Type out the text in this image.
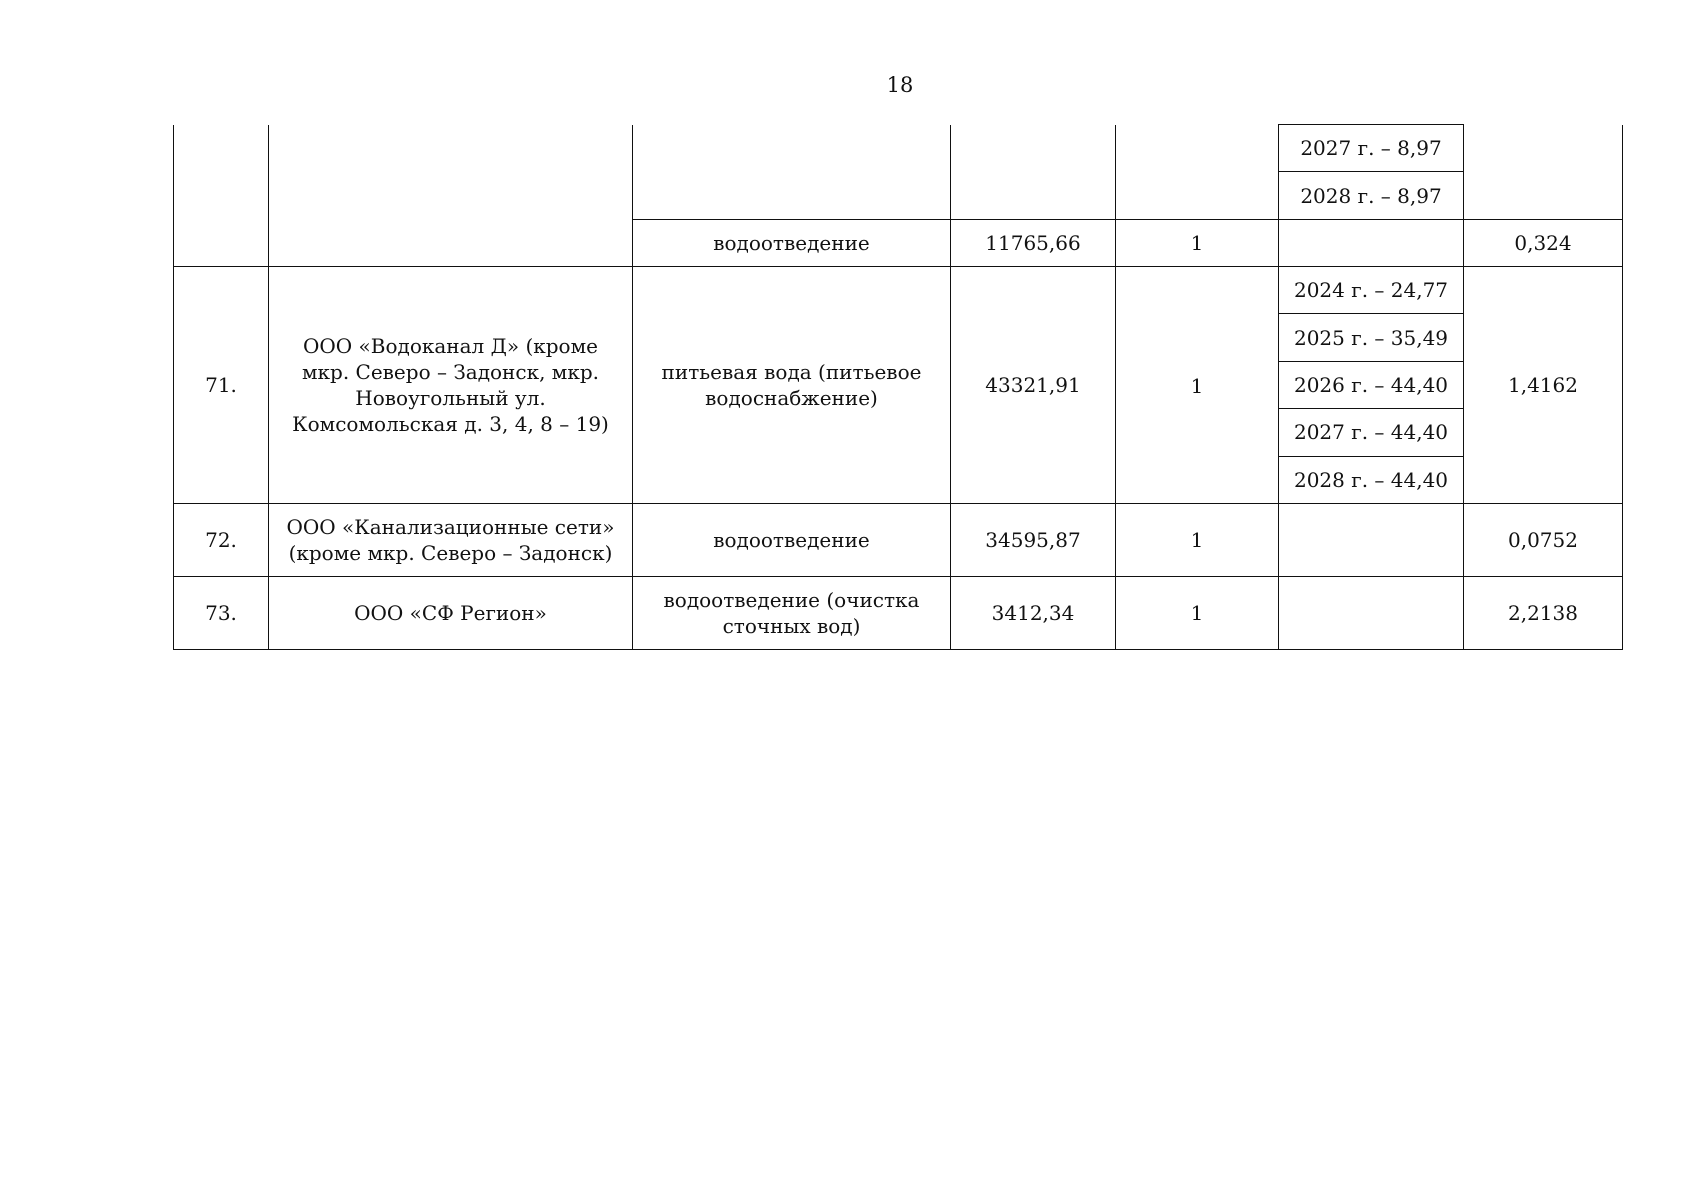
18
					2027 г. – 8,97	
					2028 г. – 8,97	
		водоотведение	11765,66	1		0,324
71.	ООО «Водоканал Д» (кроме мкр. Северо – Задонск, мкр. Новоугольный ул. Комсомольская д. 3, 4, 8 – 19)	питьевая вода (питьевое водоснабжение)	43321,91	1	2024 г. – 24,77	1,4162
					2025 г. – 35,49	
					2026 г. – 44,40	
					2027 г. – 44,40	
					2028 г. – 44,40	
72.	ООО «Канализационные сети» (кроме мкр. Северо – Задонск)	водоотведение	34595,87	1		0,0752
73.	ООО «СФ Регион»	водоотведение (очистка сточных вод)	3412,34	1		2,2138
